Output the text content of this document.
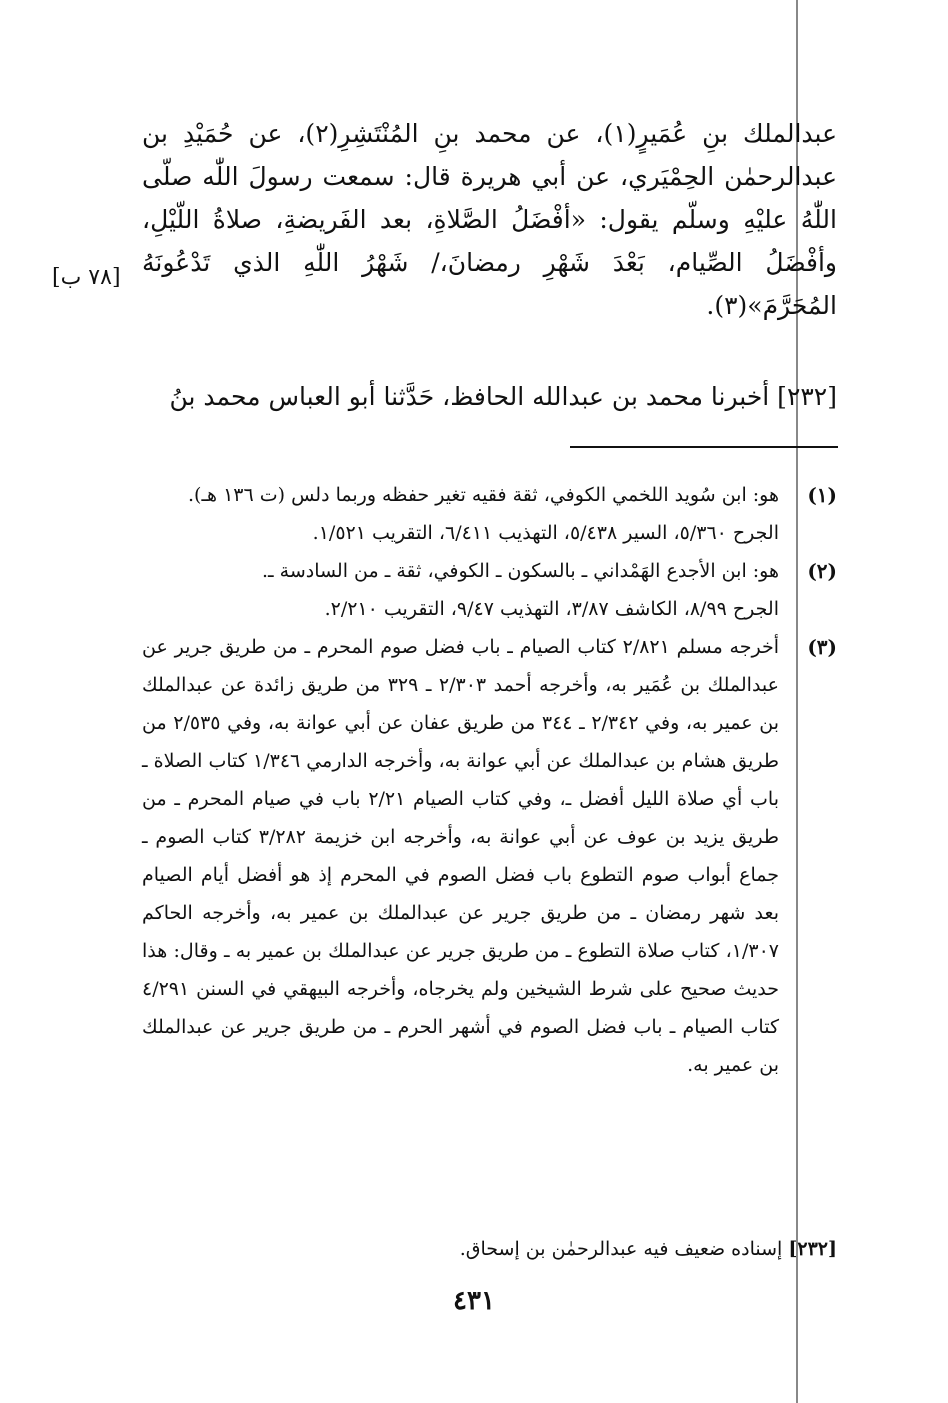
[٧٨ ب]

عبدالملك بنِ عُمَيرٍ(١)، عن محمد بنِ المُنْتَشِرِ(٢)، عن حُمَيْدِ بن عبدالرحمٰن الحِمْيَري، عن أبي هريرة قال: سمعت رسولَ اللّٰه صلّى اللّٰهُ عليْهِ وسلّم يقول: «أفْضَلُ الصَّلاةِ، بعد الفَريضةِ، صلاةُ اللّيْلِ، وأفْضَلُ الصِّيام، بَعْدَ شَهْرِ رمضانَ،/ شَهْرُ اللّٰهِ الذي تَدْعُونَهُ المُحَرَّمَ»(٣).

[٢٣٢] أخبرنا محمد بن عبدالله الحافظ، حَدَّثنا أبو العباس محمد بنُ
(١)

هو: ابن سُويد اللخمي الكوفي، ثقة فقيه تغير حفظه وربما دلس (ت ١٣٦ هـ).

الجرح ٥/٣٦٠، السير ٥/٤٣٨، التهذيب ٦/٤١١، التقريب ١/٥٢١.

(٢)

هو: ابن الأجدع الهَمْداني ـ بالسكون ـ الكوفي، ثقة ـ من السادسة ـ.

الجرح ٨/٩٩، الكاشف ٣/٨٧، التهذيب ٩/٤٧، التقريب ٢/٢١٠.

(٣)

أخرجه مسلم ٢/٨٢١ كتاب الصيام ـ باب فضل صوم المحرم ـ من طريق جرير عن عبدالملك بن عُمَير به، وأخرجه أحمد ٢/٣٠٣ ـ ٣٢٩ من طريق زائدة عن عبدالملك بن عمير به، وفي ٢/٣٤٢ ـ ٣٤٤ من طريق عفان عن أبي عوانة به، وفي ٢/٥٣٥ من طريق هشام بن عبدالملك عن أبي عوانة به، وأخرجه الدارمي ١/٣٤٦ كتاب الصلاة ـ باب أي صلاة الليل أفضل ـ، وفي كتاب الصيام ٢/٢١ باب في صيام المحرم ـ من طريق يزيد بن عوف عن أبي عوانة به، وأخرجه ابن خزيمة ٣/٢٨٢ كتاب الصوم ـ جماع أبواب صوم التطوع باب فضل الصوم في المحرم إذ هو أفضل أيام الصيام بعد شهر رمضان ـ من طريق جرير عن عبدالملك بن عمير به، وأخرجه الحاكم ١/٣٠٧، كتاب صلاة التطوع ـ من طريق جرير عن عبدالملك بن عمير به ـ وقال: هذا حديث صحيح على شرط الشيخين ولم يخرجاه، وأخرجه البيهقي في السنن ٤/٢٩١ كتاب الصيام ـ باب فضل الصوم في أشهر الحرم ـ من طريق جرير عن عبدالملك بن عمير به.

[٢٣٢] إسناده ضعيف فيه عبدالرحمٰن بن إسحاق.
٤٣١
